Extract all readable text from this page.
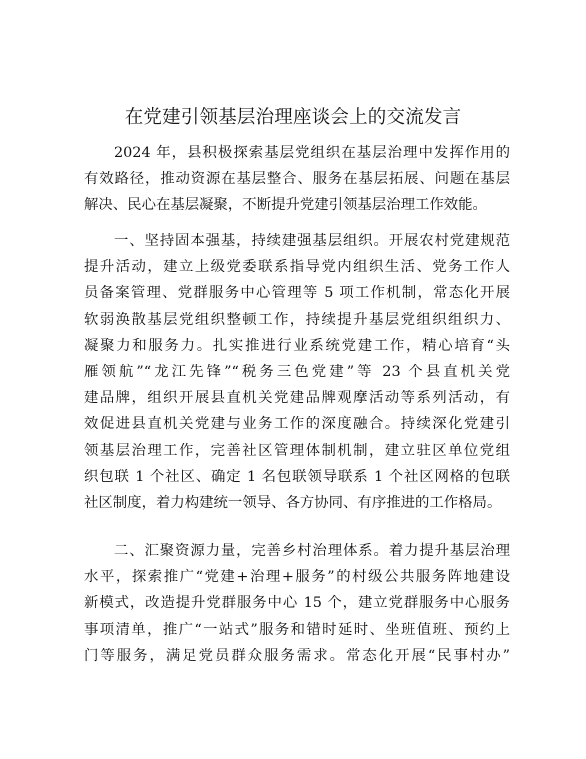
在党建引领基层治理座谈会上的交流发言
2024 年，县积极探索基层党组织在基层治理中发挥作用的
有效路径，推动资源在基层整合、服务在基层拓展、问题在基层
解决、民心在基层凝聚，不断提升党建引领基层治理工作效能。
一、坚持固本强基，持续建强基层组织。开展农村党建规范
提升活动，建立上级党委联系指导党内组织生活、党务工作人
员备案管理、党群服务中心管理等 5 项工作机制，常态化开展
软弱涣散基层党组织整顿工作，持续提升基层党组织组织力、
凝聚力和服务力。扎实推进行业系统党建工作，精心培育“头
雁领航”“龙江先锋”“税务三色党建”等 23 个县直机关党
建品牌，组织开展县直机关党建品牌观摩活动等系列活动，有
效促进县直机关党建与业务工作的深度融合。持续深化党建引
领基层治理工作，完善社区管理体制机制，建立驻区单位党组
织包联 1 个社区、确定 1 名包联领导联系 1 个社区网格的包联
社区制度，着力构建统一领导、各方协同、有序推进的工作格局。
二、汇聚资源力量，完善乡村治理体系。着力提升基层治理
水平，探索推广“党建+治理+服务”的村级公共服务阵地建设
新模式，改造提升党群服务中心 15 个，建立党群服务中心服务
事项清单，推广“一站式”服务和错时延时、坐班值班、预约上
门等服务，满足党员群众服务需求。常态化开展“民事村办”
